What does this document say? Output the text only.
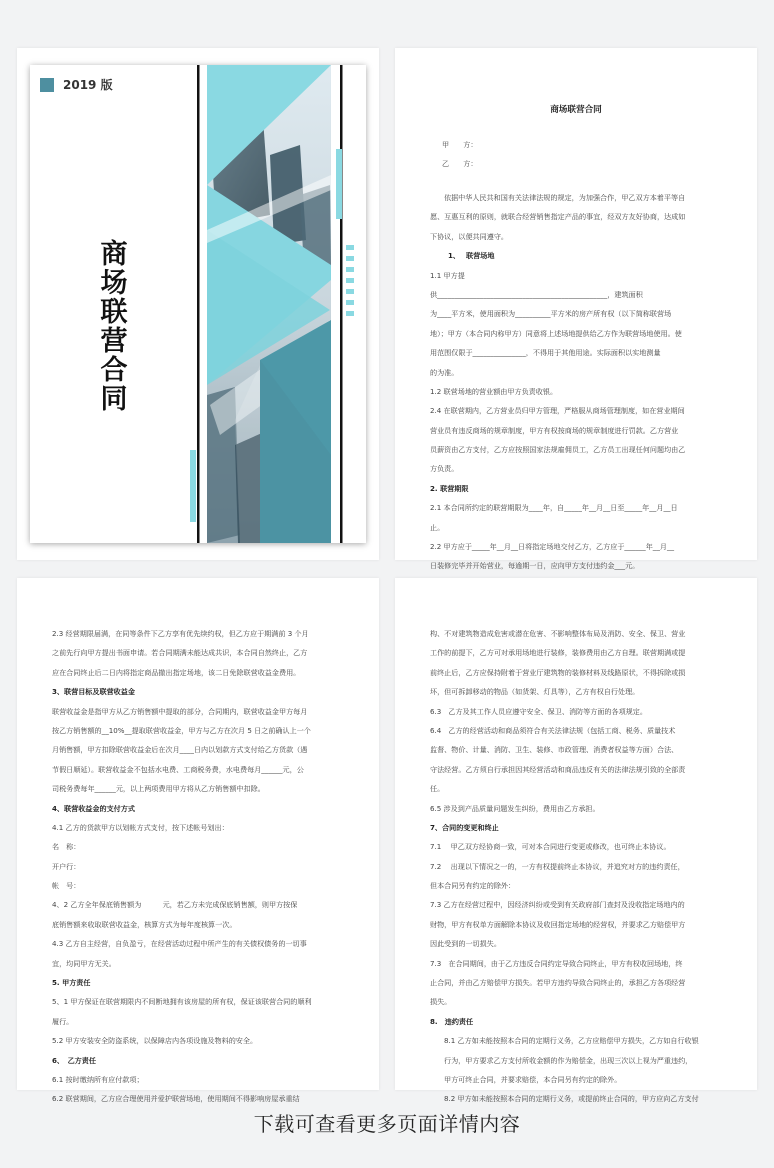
2019 版
商
场
联
营
合
同
商场联营合同
甲　　方：
乙　　方：
依据中华人民共和国有关法律法规的规定，为加强合作，甲乙双方本着平等自
愿、互惠互利的原则，就联合经营销售指定产品的事宜，经双方友好协商，达成如
下协议，以便共同遵守。
1、　 联营场地
1.1 甲方提
供________________________________________________，建筑面积
为____平方米，使用面积为__________平方米的房产所有权（以下简称联营场
地）；甲方（本合同内称甲方）同意将上述场地提供给乙方作为联营场地使用。使
用范围仅限于_______________，不得用于其他用途。实际面积以实地测量
的为准。
1.2 联营场地的营业额由甲方负责收银。
2.4 在联营期内，乙方营业员归甲方管理，严格服从商场管理制度，如在营业期间
营业员有违反商场的规章制度，甲方有权按商场的规章制度进行罚款。乙方营业
员薪资由乙方支付，乙方应按照国家法规雇佣员工，乙方员工出现任何问题均由乙
方负责。
2. 联营期限
2.1 本合同所约定的联营期限为____年，自_____年__月__日至_____年__月__日
止。
2.2 甲方应于_____年__月__日将指定场地交付乙方，乙方应于______年__月__
日装修完毕并开始营业，每逾期一日，应向甲方支付违约金___元。
2.3 经营期限届满，在同等条件下乙方享有优先续约权，但乙方应于期满前 3 个月
之前先行向甲方提出书面申请。若合同期满未能达成共识，本合同自然终止，乙方
应在合同终止后二日内将指定商品撤出指定场地，该二日免除联营收益金费用。
3、联营目标及联营收益金
联营收益金是指甲方从乙方销售额中提取的部分，合同期内，联营收益金甲方每月
按乙方销售额的__10%__提取联营收益金，甲方与乙方在次月 5 日之前确认上一个
月销售额，甲方扣除联营收益金后在次月____日内以划款方式支付给乙方货款（遇
节假日顺延）。联营收益金不包括水电费、工商税务费，水电费每月______元，公
司税务费每年______元，以上两项费用甲方将从乙方销售额中扣除。
4、联营收益金的支付方式
4.1 乙方的货款甲方以划帐方式支付，按下述帐号划出：
名　称：
开户行：
帐　号：
4、2 乙方全年保底销售额为　　　元，若乙方未完成保底销售额，则甲方按保
底销售额来收取联营收益金，核算方式为每年度核算一次。
4.3 乙方自主经营，自负盈亏，在经营活动过程中所产生的有关债权债务的一切事
宜，均同甲方无关。
5. 甲方责任
5、1 甲方保证在联营期限内不间断地拥有该房屋的所有权，保证该联营合同的顺利
履行。
5.2 甲方安装安全防盗系统，以保障店内各项设施及物料的安全。
6、　乙方责任
6.1 按时缴纳所有应付款项；
6.2 联营期间，乙方应合理使用并爱护联营场地，使用期间不得影响房屋承重结
构、不对建筑物造成危害或潜在危害、不影响整体布局及消防、安全、保卫、营业
工作的前提下，乙方可对承用场地进行装修，装修费用由乙方自理。联营期满或提
前终止后，乙方应保持附着于营业厅建筑物的装修材料及线路原状，不得拆除或损
坏，但可拆卸移动的物品（如货架、灯具等），乙方有权自行处理。
6.3　乙方及其工作人员应遵守安全、保卫、消防等方面的各项规定。
6.4　乙方的经营活动和商品须符合有关法律法规（包括工商、税务、质量技术
监督、物价、计量、消防、卫生、装修、市政管理、消费者权益等方面）合法、
守法经营。乙方须自行承担因其经营活动和商品违反有关的法律法规引致的全部责
任。
6.5 涉及到产品质量问题发生纠纷，费用由乙方承担。
7、合同的变更和终止
7.1　 甲乙双方经协商一致，可对本合同进行变更或修改，也可终止本协议。
7.2　 出现以下情况之一的，一方有权提前终止本协议，并追究对方的违约责任，
但本合同另有约定的除外：
7.3 乙方在经营过程中，因经济纠纷或受到有关政府部门查封及没收指定场地内的
财物，甲方有权单方面解除本协议及收回指定场地的经营权，并要求乙方赔偿甲方
因此受到的一切损失。
7.3　在合同期间，由于乙方违反合同约定导致合同终止，甲方有权收回场地，终
止合同，并由乙方赔偿甲方损失。若甲方违约导致合同终止的，承担乙方各项经营
损失。
8.　违约责任
8.1 乙方如未能按照本合同的定期行义务，乙方应赔偿甲方损失，乙方如自行收银
行为，甲方要求乙方支付所收金额的作为赔偿金，出现三次以上视为严重违约，
甲方可终止合同，并要求赔偿，本合同另有约定的除外。
8.2 甲方如未能按照本合同的定期行义务，或提前终止合同的，甲方应向乙方支付
下载可查看更多页面详情内容
